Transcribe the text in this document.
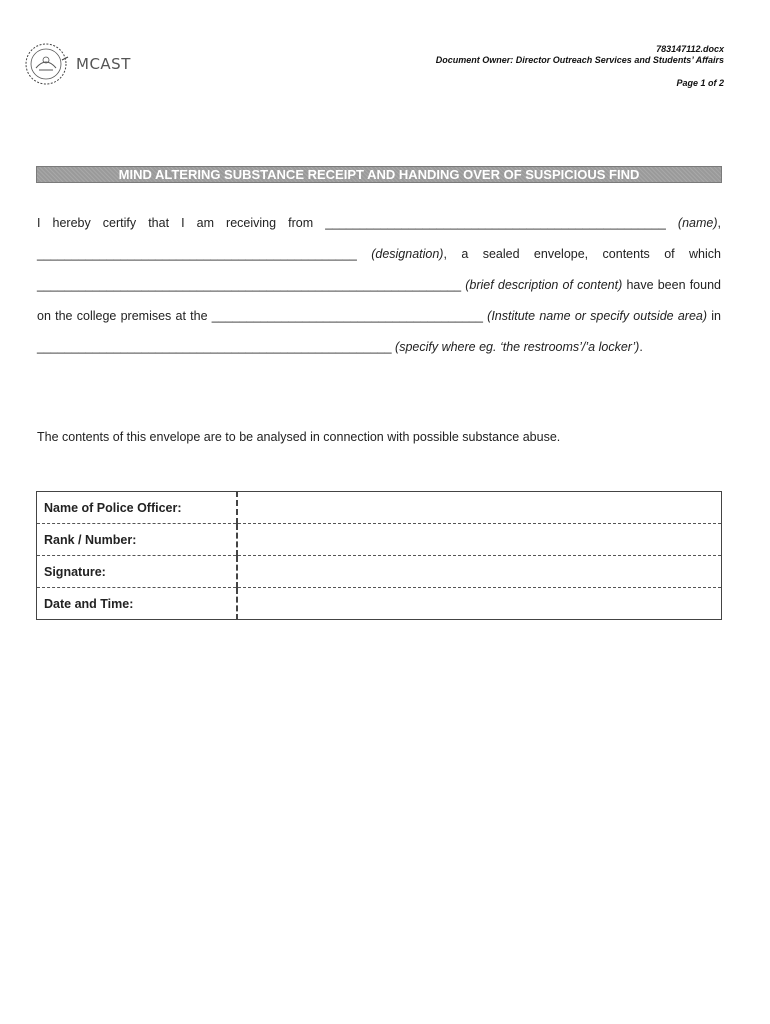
MCAST
783147112.docx
Document Owner: Director Outreach Services and Students’ Affairs
Page 1 of 2
MIND ALTERING SUBSTANCE RECEIPT AND HANDING OVER OF SUSPICIOUS FIND
I hereby certify that I am receiving from _________________________________________________ (name), ______________________________________________ (designation), a sealed envelope, contents of which _____________________________________________________________ (brief description of content) have been found on the college premises at the _______________________________________ (Institute name or specify outside area) in ___________________________________________________ (specify where eg. ‘the restrooms’/’a locker’).
The contents of this envelope are to be analysed in connection with possible substance abuse.
Name of Police Officer:	
Rank / Number:	
Signature:	
Date and Time:	
